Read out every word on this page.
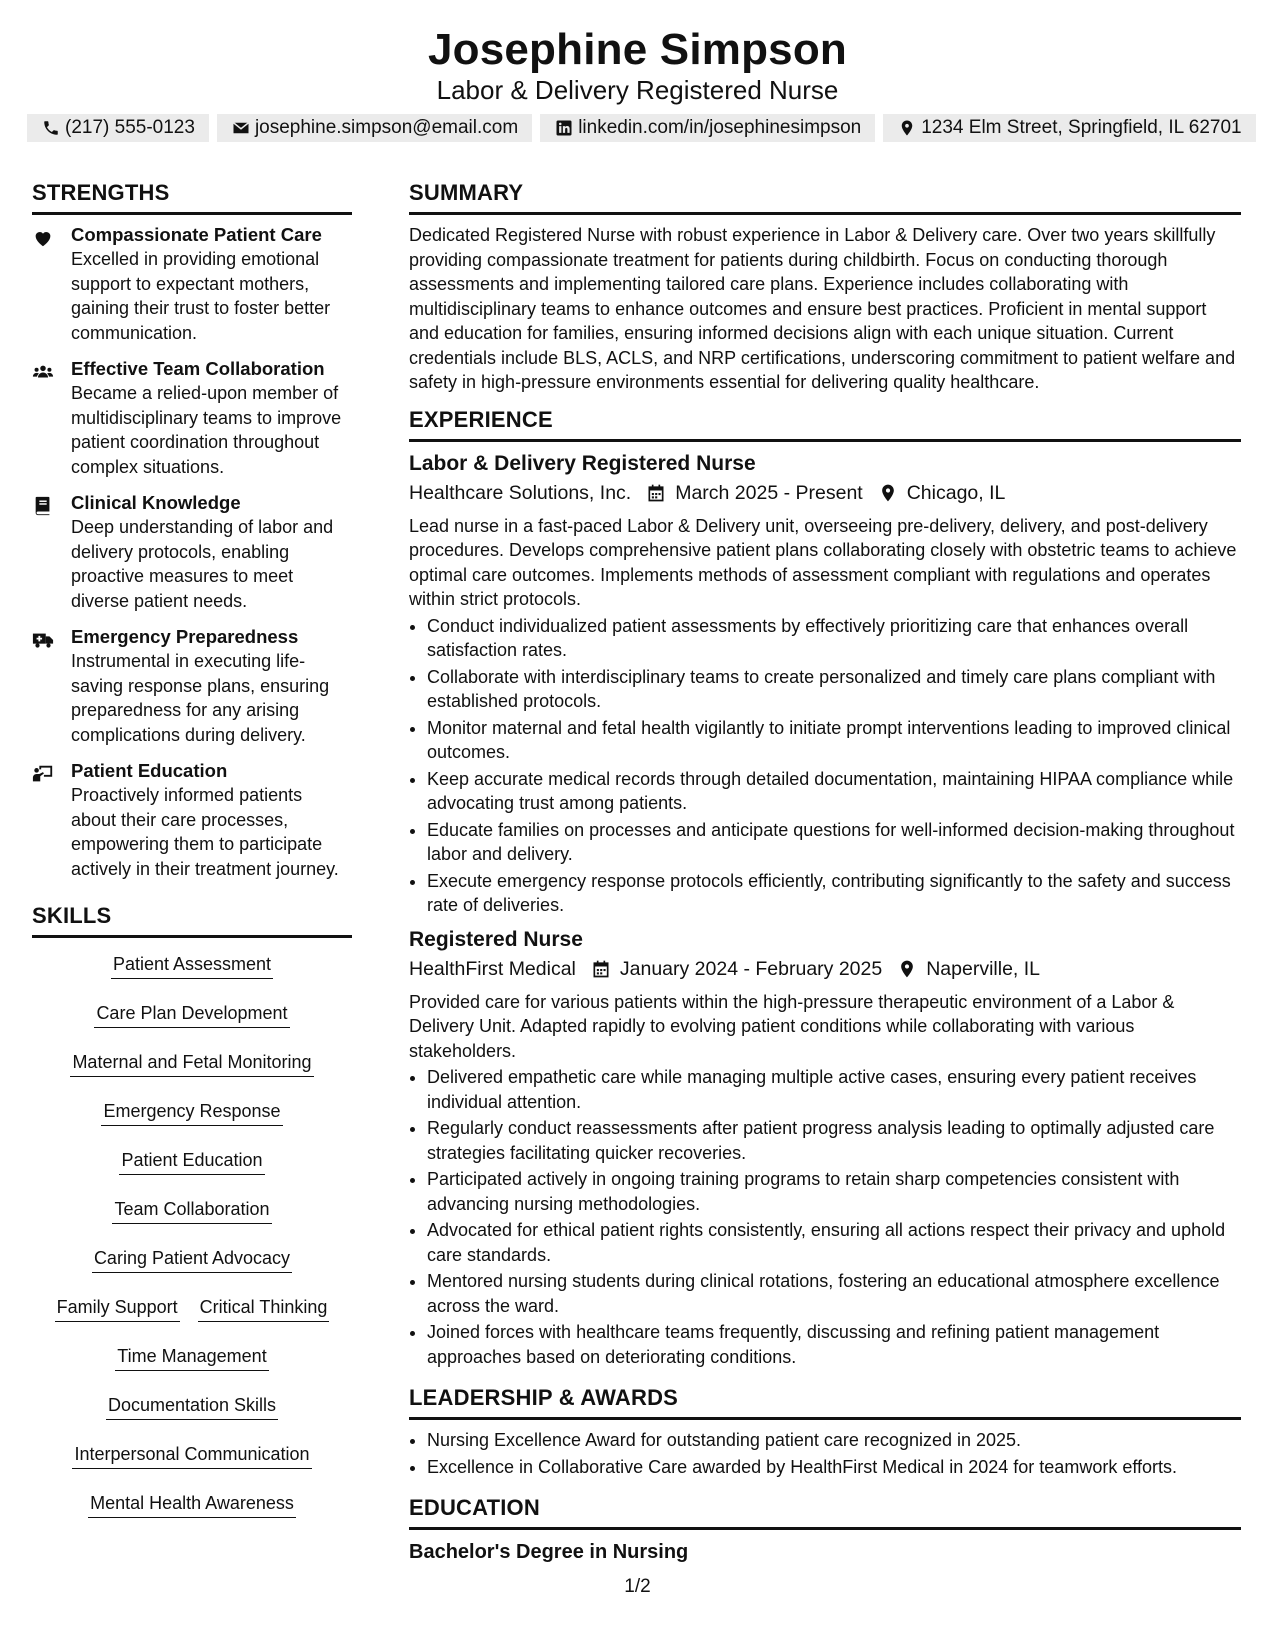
Josephine Simpson
Labor & Delivery Registered Nurse
(217) 555-0123	josephine.simpson@email.com	linkedin.com/in/josephinesimpson	1234 Elm Street, Springfield, IL 62701
STRENGTHS
Compassionate Patient Care
Excelled in providing emotional support to expectant mothers, gaining their trust to foster better communication.
Effective Team Collaboration
Became a relied-upon member of multidisciplinary teams to improve patient coordination throughout complex situations.
Clinical Knowledge
Deep understanding of labor and delivery protocols, enabling proactive measures to meet diverse patient needs.
Emergency Preparedness
Instrumental in executing life-saving response plans, ensuring preparedness for any arising complications during delivery.
Patient Education
Proactively informed patients about their care processes, empowering them to participate actively in their treatment journey.
SKILLS
Patient Assessment
Care Plan Development
Maternal and Fetal Monitoring
Emergency Response
Patient Education
Team Collaboration
Caring Patient Advocacy
Family Support Critical Thinking
Time Management
Documentation Skills
Interpersonal Communication
Mental Health Awareness
SUMMARY

Dedicated Registered Nurse with robust experience in Labor & Delivery care. Over two years skillfully providing compassionate treatment for patients during childbirth. Focus on conducting thorough assessments and implementing tailored care plans. Experience includes collaborating with multidisciplinary teams to enhance outcomes and ensure best practices. Proficient in mental support and education for families, ensuring informed decisions align with each unique situation. Current credentials include BLS, ACLS, and NRP certifications, underscoring commitment to patient welfare and safety in high-pressure environments essential for delivering quality healthcare.

EXPERIENCE
Labor & Delivery Registered Nurse
Healthcare Solutions, Inc. March 2025 - Present Chicago, IL

Lead nurse in a fast-paced Labor & Delivery unit, overseeing pre-delivery, delivery, and post-delivery procedures. Develops comprehensive patient plans collaborating closely with obstetric teams to achieve optimal care outcomes. Implements methods of assessment compliant with regulations and operates within strict protocols.

• Conduct individualized patient assessments by effectively prioritizing care that enhances overall satisfaction rates.
• Collaborate with interdisciplinary teams to create personalized and timely care plans compliant with established protocols.
• Monitor maternal and fetal health vigilantly to initiate prompt interventions leading to improved clinical outcomes.
• Keep accurate medical records through detailed documentation, maintaining HIPAA compliance while advocating trust among patients.
• Educate families on processes and anticipate questions for well-informed decision-making throughout labor and delivery.
• Execute emergency response protocols efficiently, contributing significantly to the safety and success rate of deliveries.
Registered Nurse
HealthFirst Medical January 2024 - February 2025 Naperville, IL

Provided care for various patients within the high-pressure therapeutic environment of a Labor & Delivery Unit. Adapted rapidly to evolving patient conditions while collaborating with various stakeholders.

• Delivered empathetic care while managing multiple active cases, ensuring every patient receives individual attention.
• Regularly conduct reassessments after patient progress analysis leading to optimally adjusted care strategies facilitating quicker recoveries.
• Participated actively in ongoing training programs to retain sharp competencies consistent with advancing nursing methodologies.
• Advocated for ethical patient rights consistently, ensuring all actions respect their privacy and uphold care standards.
• Mentored nursing students during clinical rotations, fostering an educational atmosphere excellence across the ward.
• Joined forces with healthcare teams frequently, discussing and refining patient management approaches based on deteriorating conditions.
LEADERSHIP & AWARDS
• Nursing Excellence Award for outstanding patient care recognized in 2025.
• Excellence in Collaborative Care awarded by HealthFirst Medical in 2024 for teamwork efforts.
EDUCATION
Bachelor's Degree in Nursing
1/2
